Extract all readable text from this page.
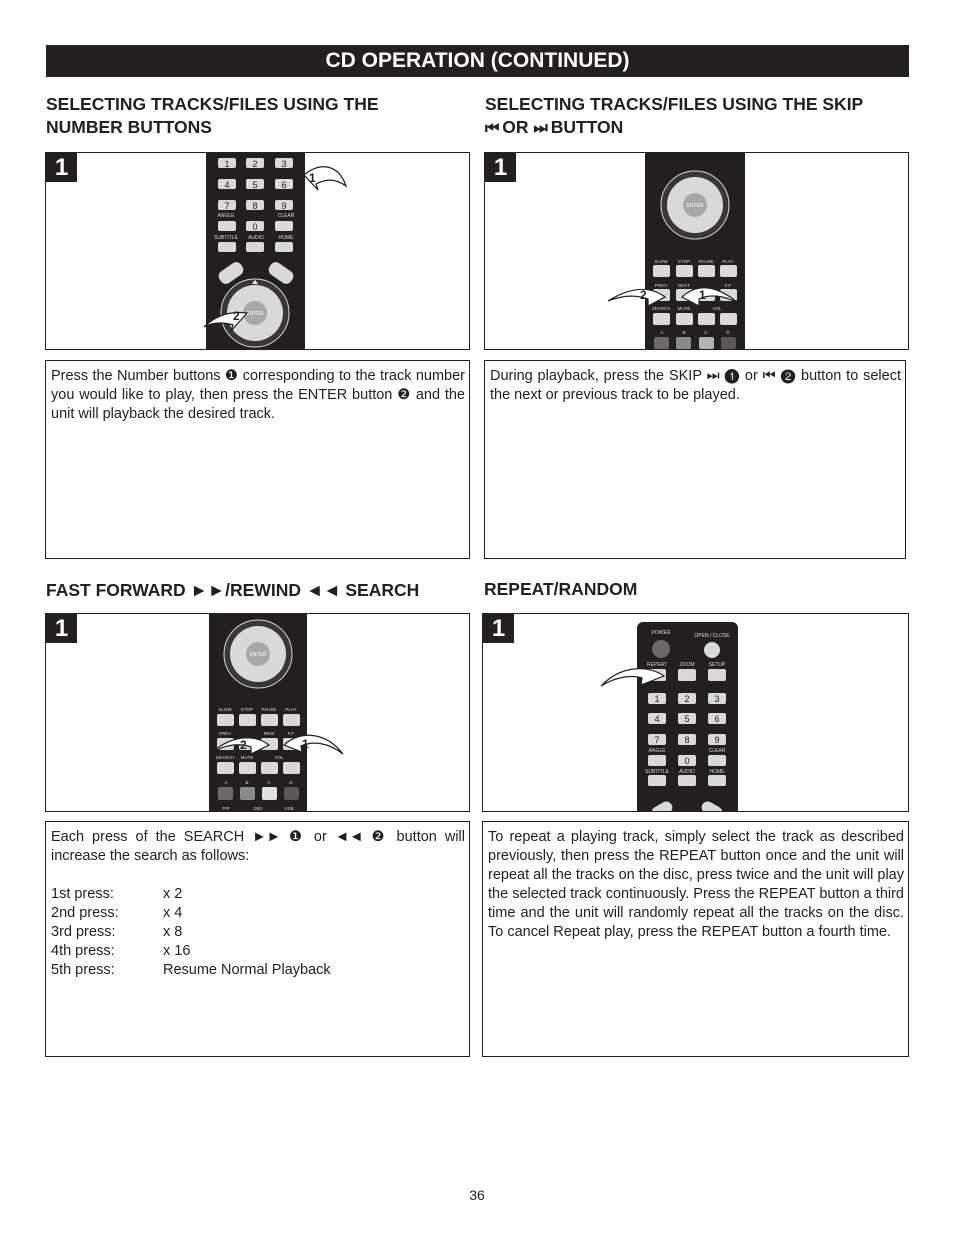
CD OPERATION (CONTINUED)
SELECTING TRACKS/FILES USING THE
NUMBER BUTTONS
SELECTING TRACKS/FILES USING THE SKIP
⏮ OR ⏭ BUTTON
FAST FORWARD ►►/REWIND ◄◄ SEARCH	REPEAT/RANDOM
1	1	2	3
4	5	6
7	8	9
0
ANGLE	CLEAR
SUBTITLE AUDIO	HOME
ENTER
1
2
1
ENTER
SLOW STOP PAUSE PLAY
PREV NEXT	F.F
SEARCH MUTE	VOL
A	B	C	D
1
2
Press the Number buttons ❶ corresponding to the track number you would like to play, then press the ENTER button ❷ and the unit will playback the desired track.
During playback, press the SKIP ⏭ ❶ or ⏮ ❷ button to select the next or previous track to be played.
1
ENTER
SLOW STOP PAUSE PLAY
PREV	REW	F.F
SEARCH MUTE	VOL
A	B	C	D
PIP	2ND	USB
1
2
1	POWER	OPEN / CLOSE
REPEAT	ZOOM	SETUP
ANGLE	CLEAR
SUBTITLE AUDIO	HOME
1	2	3
4	5	6
7	8	9
0
Each press of the SEARCH ►► ❶ or ◄◄ ❷ button will increase the search as follows:
1st press:	x 2
2nd press:	x 4
3rd press:	x 8
4th press:	x 16
5th press:	Resume Normal Playback
To repeat a playing track, simply select the track as described previously, then press the REPEAT button once and the unit will repeat all the tracks on the disc, press twice and the unit will play the selected track continuously. Press the REPEAT button a third time and the unit will randomly repeat all the tracks on the disc. To cancel Repeat play, press the REPEAT button a fourth time.
36
